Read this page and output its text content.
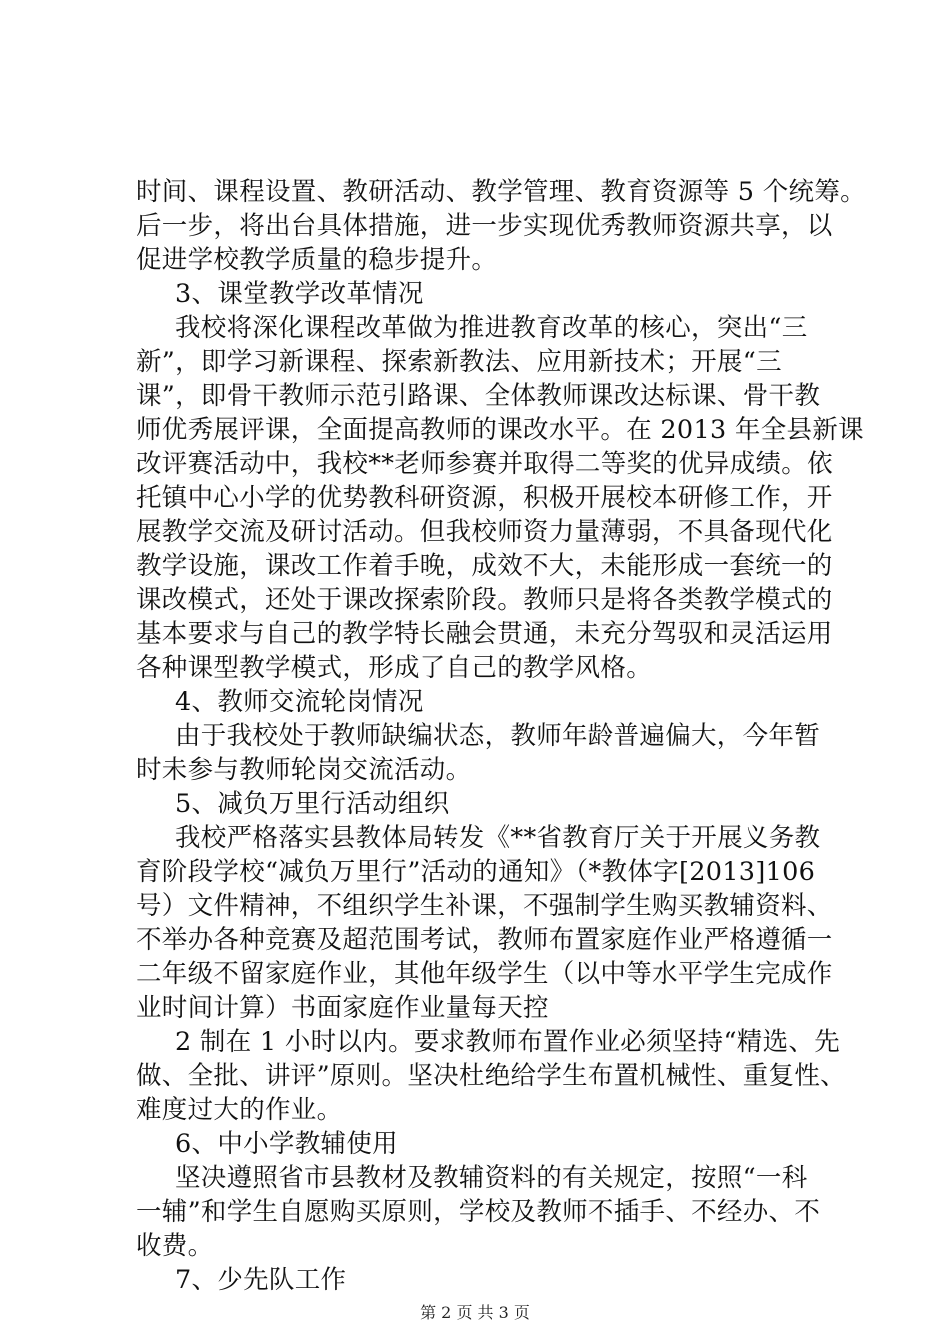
时间、课程设置、教研活动、教学管理、教育资源等 5 个统筹。
后一步，将出台具体措施，进一步实现优秀教师资源共享，以
促进学校教学质量的稳步提升。
3、课堂教学改革情况
我校将深化课程改革做为推进教育改革的核心，突出“三
新”，即学习新课程、探索新教法、应用新技术；开展“三
课”，即骨干教师示范引路课、全体教师课改达标课、骨干教
师优秀展评课，全面提高教师的课改水平。在 2013 年全县新课
改评赛活动中，我校**老师参赛并取得二等奖的优异成绩。依
托镇中心小学的优势教科研资源，积极开展校本研修工作，开
展教学交流及研讨活动。但我校师资力量薄弱，不具备现代化
教学设施，课改工作着手晚，成效不大，未能形成一套统一的
课改模式，还处于课改探索阶段。教师只是将各类教学模式的
基本要求与自己的教学特长融会贯通，未充分驾驭和灵活运用
各种课型教学模式，形成了自己的教学风格。
4、教师交流轮岗情况
由于我校处于教师缺编状态，教师年龄普遍偏大，今年暂
时未参与教师轮岗交流活动。
5、减负万里行活动组织
我校严格落实县教体局转发《**省教育厅关于开展义务教
育阶段学校“减负万里行”活动的通知》（*教体字[2013]106
号）文件精神，不组织学生补课，不强制学生购买教辅资料、
不举办各种竞赛及超范围考试，教师布置家庭作业严格遵循一
二年级不留家庭作业，其他年级学生（以中等水平学生完成作
业时间计算）书面家庭作业量每天控
2 制在 1 小时以内。要求教师布置作业必须坚持“精选、先
做、全批、讲评”原则。坚决杜绝给学生布置机械性、重复性、
难度过大的作业。
6、中小学教辅使用
坚决遵照省市县教材及教辅资料的有关规定，按照“一科
一辅”和学生自愿购买原则，学校及教师不插手、不经办、不
收费。
7、少先队工作
第 2 页 共 3 页
